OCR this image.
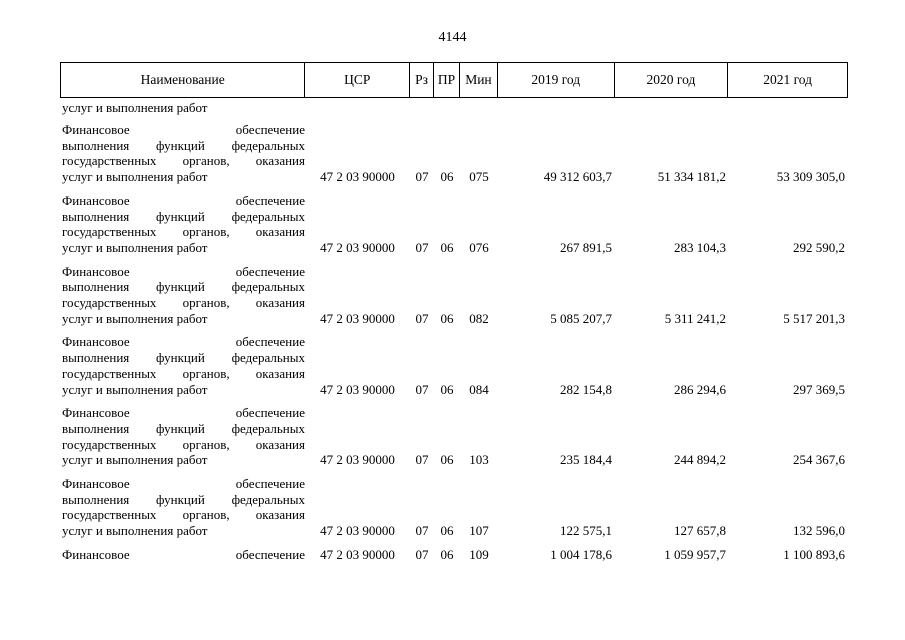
4144
Наименование	ЦСР	Рз ПР Мин	2019 год	2020 год	2021 год
услуг и выполнения работ
Финансовое обеспечение
выполнения функций федеральных
государственных органов, оказания
услуг и выполнения работ	47 2 03 90000	07 06	075	49 312 603,7	51 334 181,2	53 309 305,0
Финансовое обеспечение
выполнения функций федеральных
государственных органов, оказания
услуг и выполнения работ	47 2 03 90000	07 06	076	267 891,5	283 104,3	292 590,2
Финансовое обеспечение
выполнения функций федеральных
государственных органов, оказания
услуг и выполнения работ	47 2 03 90000	07 06	082	5 085 207,7	5 311 241,2	5 517 201,3
Финансовое обеспечение
выполнения функций федеральных
государственных органов, оказания
услуг и выполнения работ	47 2 03 90000	07 06	084	282 154,8	286 294,6	297 369,5
Финансовое обеспечение
выполнения функций федеральных
государственных органов, оказания
услуг и выполнения работ	47 2 03 90000	07 06	103	235 184,4	244 894,2	254 367,6
Финансовое обеспечение
выполнения функций федеральных
государственных органов, оказания
услуг и выполнения работ	47 2 03 90000	07 06	107	122 575,1	127 657,8	132 596,0
Финансовое обеспечение	47 2 03 90000	07 06	109	1 004 178,6	1 059 957,7	1 100 893,6
